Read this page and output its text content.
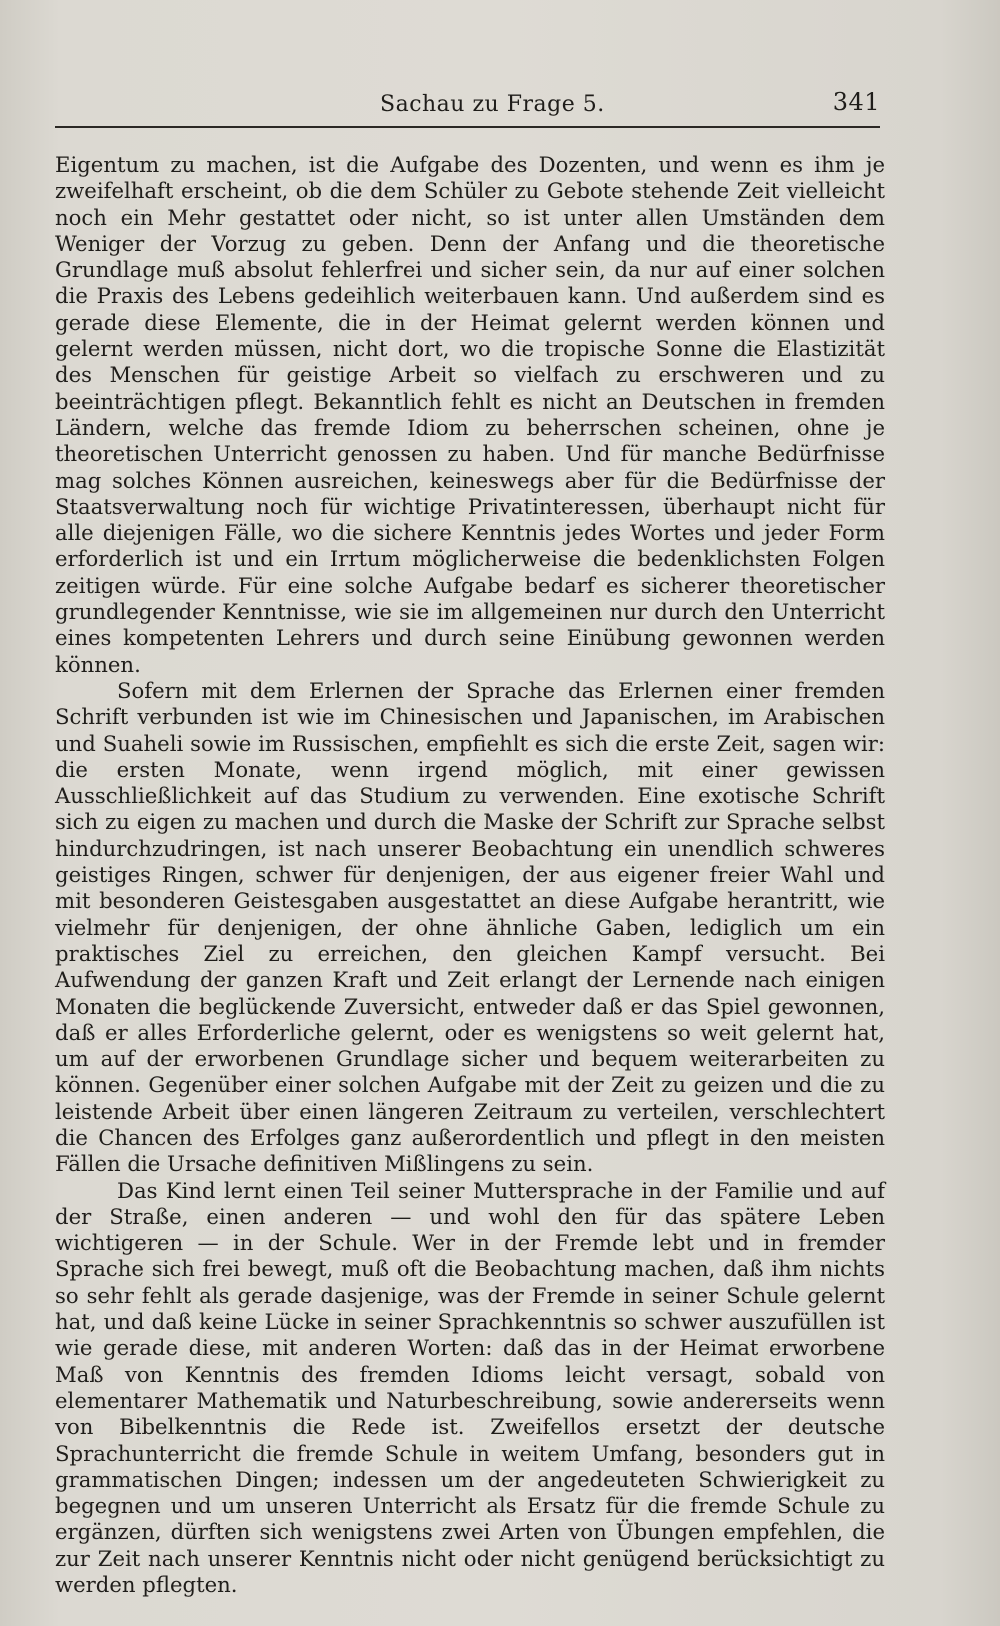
Sachau zu Frage 5.	341

Eigentum zu machen, ist die Aufgabe des Dozenten, und wenn es ihm je zweifelhaft erscheint, ob die dem Schüler zu Gebote stehende Zeit vielleicht noch ein Mehr gestattet oder nicht, so ist unter allen Umständen dem Weniger der Vorzug zu geben. Denn der Anfang und die theoretische Grundlage muß absolut fehlerfrei und sicher sein, da nur auf einer solchen die Praxis des Lebens gedeihlich weiterbauen kann. Und außerdem sind es gerade diese Elemente, die in der Heimat gelernt werden können und gelernt werden müssen, nicht dort, wo die tropische Sonne die Elastizität des Menschen für geistige Arbeit so vielfach zu erschweren und zu beeinträchtigen pflegt. Bekanntlich fehlt es nicht an Deutschen in fremden Ländern, welche das fremde Idiom zu beherrschen scheinen, ohne je theoretischen Unterricht genossen zu haben. Und für manche Bedürfnisse mag solches Können ausreichen, keineswegs aber für die Bedürfnisse der Staatsverwaltung noch für wichtige Privatinteressen, überhaupt nicht für alle diejenigen Fälle, wo die sichere Kenntnis jedes Wortes und jeder Form erforderlich ist und ein Irrtum möglicherweise die bedenklichsten Folgen zeitigen würde. Für eine solche Aufgabe bedarf es sicherer theoretischer grundlegender Kenntnisse, wie sie im allgemeinen nur durch den Unterricht eines kompetenten Lehrers und durch seine Einübung gewonnen werden können.

Sofern mit dem Erlernen der Sprache das Erlernen einer fremden Schrift verbunden ist wie im Chinesischen und Japanischen, im Arabischen und Suaheli sowie im Russischen, empfiehlt es sich die erste Zeit, sagen wir: die ersten Monate, wenn irgend möglich, mit einer gewissen Ausschließlichkeit auf das Studium zu verwenden. Eine exotische Schrift sich zu eigen zu machen und durch die Maske der Schrift zur Sprache selbst hindurchzudringen, ist nach unserer Beobachtung ein unendlich schweres geistiges Ringen, schwer für denjenigen, der aus eigener freier Wahl und mit besonderen Geistesgaben ausgestattet an diese Aufgabe herantritt, wie vielmehr für denjenigen, der ohne ähnliche Gaben, lediglich um ein praktisches Ziel zu erreichen, den gleichen Kampf versucht. Bei Aufwendung der ganzen Kraft und Zeit erlangt der Lernende nach einigen Monaten die beglückende Zuversicht, entweder daß er das Spiel gewonnen, daß er alles Erforderliche gelernt, oder es wenigstens so weit gelernt hat, um auf der erworbenen Grundlage sicher und bequem weiterarbeiten zu können. Gegenüber einer solchen Aufgabe mit der Zeit zu geizen und die zu leistende Arbeit über einen längeren Zeitraum zu verteilen, verschlechtert die Chancen des Erfolges ganz außerordentlich und pflegt in den meisten Fällen die Ursache definitiven Mißlingens zu sein.

Das Kind lernt einen Teil seiner Muttersprache in der Familie und auf der Straße, einen anderen — und wohl den für das spätere Leben wichtigeren — in der Schule. Wer in der Fremde lebt und in fremder Sprache sich frei bewegt, muß oft die Beobachtung machen, daß ihm nichts so sehr fehlt als gerade dasjenige, was der Fremde in seiner Schule gelernt hat, und daß keine Lücke in seiner Sprachkenntnis so schwer auszufüllen ist wie gerade diese, mit anderen Worten: daß das in der Heimat erworbene Maß von Kenntnis des fremden Idioms leicht versagt, sobald von elementarer Mathematik und Naturbeschreibung, sowie andererseits wenn von Bibelkenntnis die Rede ist. Zweifellos ersetzt der deutsche Sprachunterricht die fremde Schule in weitem Umfang, besonders gut in grammatischen Dingen; indessen um der angedeuteten Schwierigkeit zu begegnen und um unseren Unterricht als Ersatz für die fremde Schule zu ergänzen, dürften sich wenigstens zwei Arten von Übungen empfehlen, die zur Zeit nach unserer Kenntnis nicht oder nicht genügend berücksichtigt zu werden pflegten.
